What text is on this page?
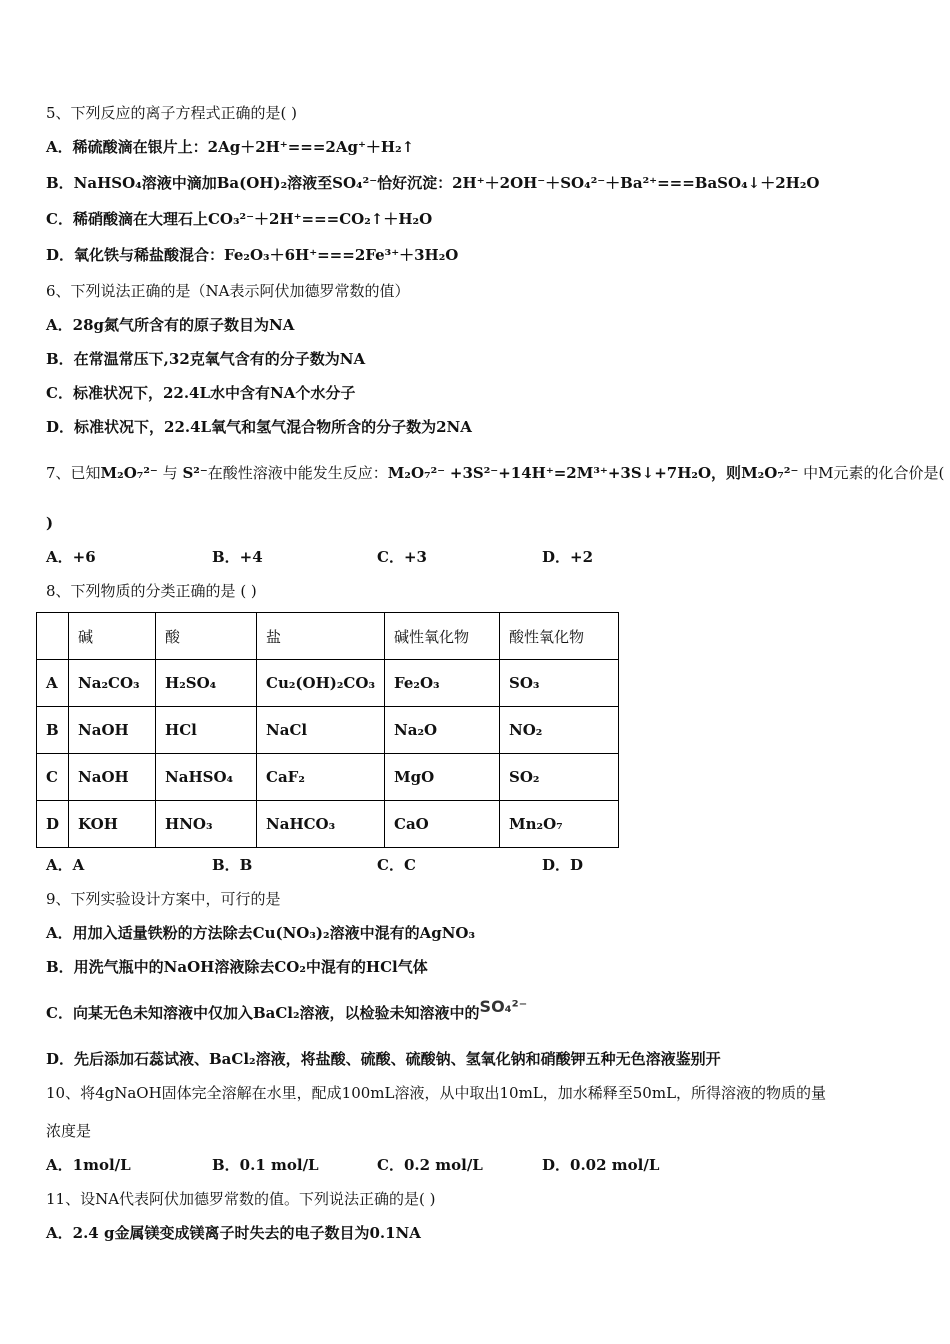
5、下列反应的离子方程式正确的是( )
A．稀硫酸滴在银片上：2Ag＋2H⁺===2Ag⁺＋H₂↑
B．NaHSO₄溶液中滴加Ba(OH)₂溶液至SO₄²⁻恰好沉淀：2H⁺＋2OH⁻＋SO₄²⁻＋Ba²⁺===BaSO₄↓＋2H₂O
C．稀硝酸滴在大理石上CO₃²⁻＋2H⁺===CO₂↑＋H₂O
D．氧化铁与稀盐酸混合：Fe₂O₃＋6H⁺===2Fe³⁺＋3H₂O
6、下列说法正确的是（NA表示阿伏加德罗常数的值）
A．28g氮气所含有的原子数目为NA
B．在常温常压下,32克氧气含有的分子数为NA
C．标准状况下，22.4L水中含有NA个水分子
D．标准状况下，22.4L氧气和氢气混合物所含的分子数为2NA
7、已知M₂O₇²⁻ 与 S²⁻在酸性溶液中能发生反应：M₂O₇²⁻ +3S²⁻+14H⁺=2M³⁺+3S↓+7H₂O，则M₂O₇²⁻ 中M元素的化合价是(
)
A．+6	B．+4	C．+3	D．+2
8、下列物质的分类正确的是 ( )
	碱	酸	盐	碱性氧化物	酸性氧化物
A	Na₂CO₃	H₂SO₄	Cu₂(OH)₂CO₃	Fe₂O₃	SO₃
B	NaOH	HCl	NaCl	Na₂O	NO₂
C	NaOH	NaHSO₄	CaF₂	MgO	SO₂
D	KOH	HNO₃	NaHCO₃	CaO	Mn₂O₇
A．A	B．B	C．C	D．D
9、下列实验设计方案中，可行的是
A．用加入适量铁粉的方法除去Cu(NO₃)₂溶液中混有的AgNO₃
B．用洗气瓶中的NaOH溶液除去CO₂中混有的HCl气体
C．向某无色未知溶液中仅加入BaCl₂溶液，以检验未知溶液中的SO₄²⁻
D．先后添加石蕊试液、BaCl₂溶液，将盐酸、硫酸、硫酸钠、氢氧化钠和硝酸钾五种无色溶液鉴别开
10、将4gNaOH固体完全溶解在水里，配成100mL溶液，从中取出10mL，加水稀释至50mL，所得溶液的物质的量
浓度是
A．1mol/L	B．0.1 mol/L	C．0.2 mol/L	D．0.02 mol/L
11、设NA代表阿伏加德罗常数的值。下列说法正确的是( )
A．2.4 g金属镁变成镁离子时失去的电子数目为0.1NA
